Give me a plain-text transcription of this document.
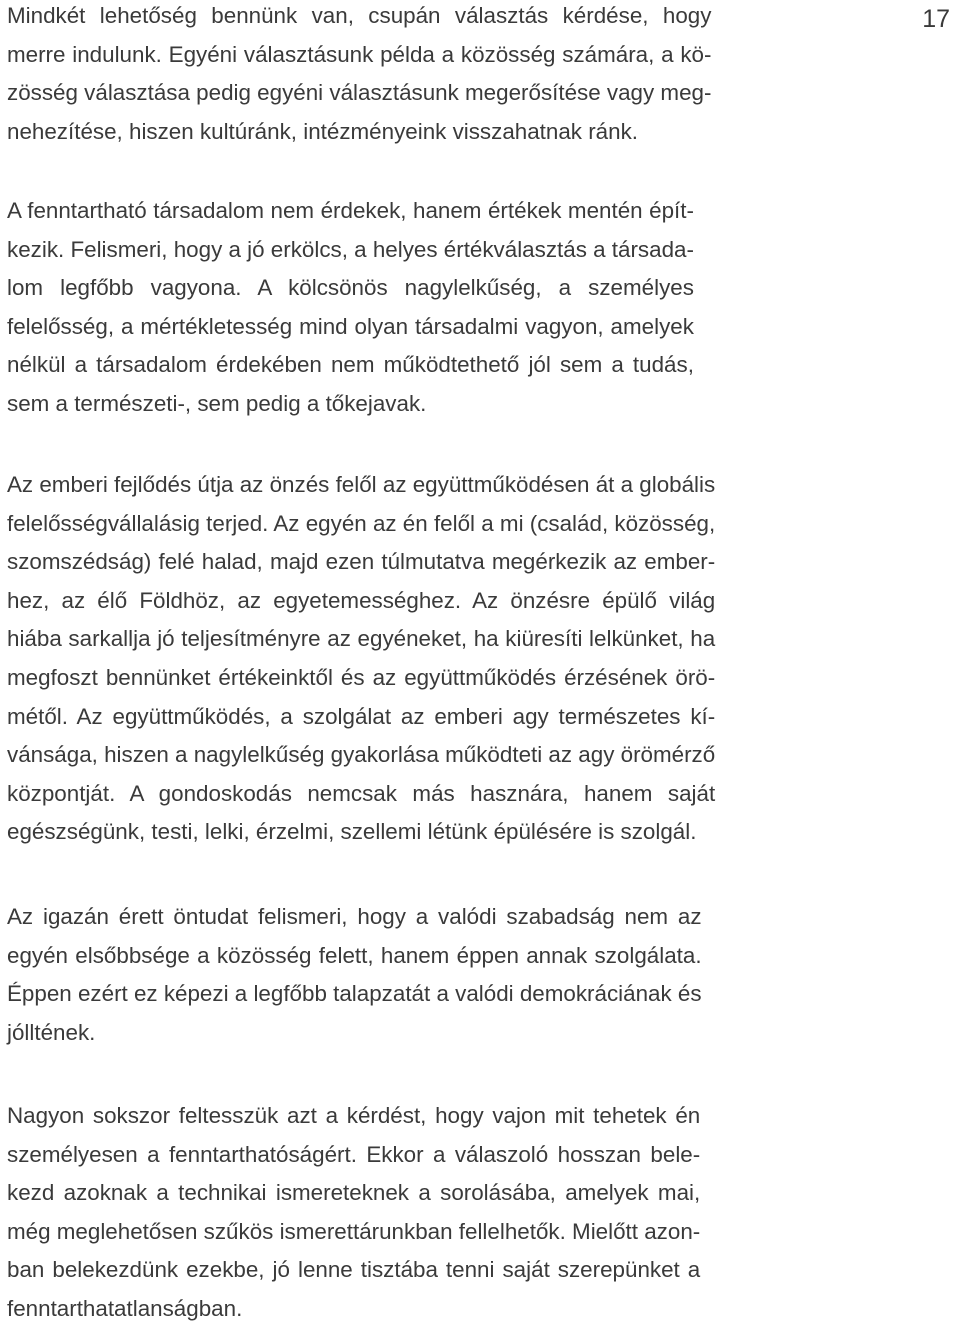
17
Mindkét lehetőség bennünk van, csupán választás kérdése, hogy
merre indulunk. Egyéni választásunk példa a közösség számára, a kö-
zösség választása pedig egyéni választásunk megerősítése vagy meg-
nehezítése, hiszen kultúránk, intézményeink visszahatnak ránk.
A fenntartható társadalom nem érdekek, hanem értékek mentén épít-
kezik. Felismeri, hogy a jó erkölcs, a helyes értékválasztás a társada-
lom legfőbb vagyona. A kölcsönös nagylelkűség, a személyes
felelősség, a mértékletesség mind olyan társadalmi vagyon, amelyek
nélkül a társadalom érdekében nem működtethető jól sem a tudás,
sem a természeti-, sem pedig a tőkejavak.
Az emberi fejlődés útja az önzés felől az együttműködésen át a globális
felelősségvállalásig terjed. Az egyén az én felől a mi (család, közösség,
szomszédság) felé halad, majd ezen túlmutatva megérkezik az ember-
hez, az élő Földhöz, az egyetemességhez. Az önzésre épülő világ
hiába sarkallja jó teljesítményre az egyéneket, ha kiüresíti lelkünket, ha
megfoszt bennünket értékeinktől és az együttműködés érzésének örö-
métől. Az együttműködés, a szolgálat az emberi agy természetes kí-
vánsága, hiszen a nagylelkűség gyakorlása működteti az agy örömérző
központját. A gondoskodás nemcsak más hasznára, hanem saját
egészségünk, testi, lelki, érzelmi, szellemi létünk épülésére is szolgál.
Az igazán érett öntudat felismeri, hogy a valódi szabadság nem az
egyén elsőbbsége a közösség felett, hanem éppen annak szolgálata.
Éppen ezért ez képezi a legfőbb talapzatát a valódi demokráciának és
jólltének.
Nagyon sokszor feltesszük azt a kérdést, hogy vajon mit tehetek én
személyesen a fenntarthatóságért. Ekkor a válaszoló hosszan bele-
kezd azoknak a technikai ismereteknek a sorolásába, amelyek mai,
még meglehetősen szűkös ismerettárunkban fellelhetők. Mielőtt azon-
ban belekezdünk ezekbe, jó lenne tisztába tenni saját szerepünket a
fenntarthatatlanságban.
